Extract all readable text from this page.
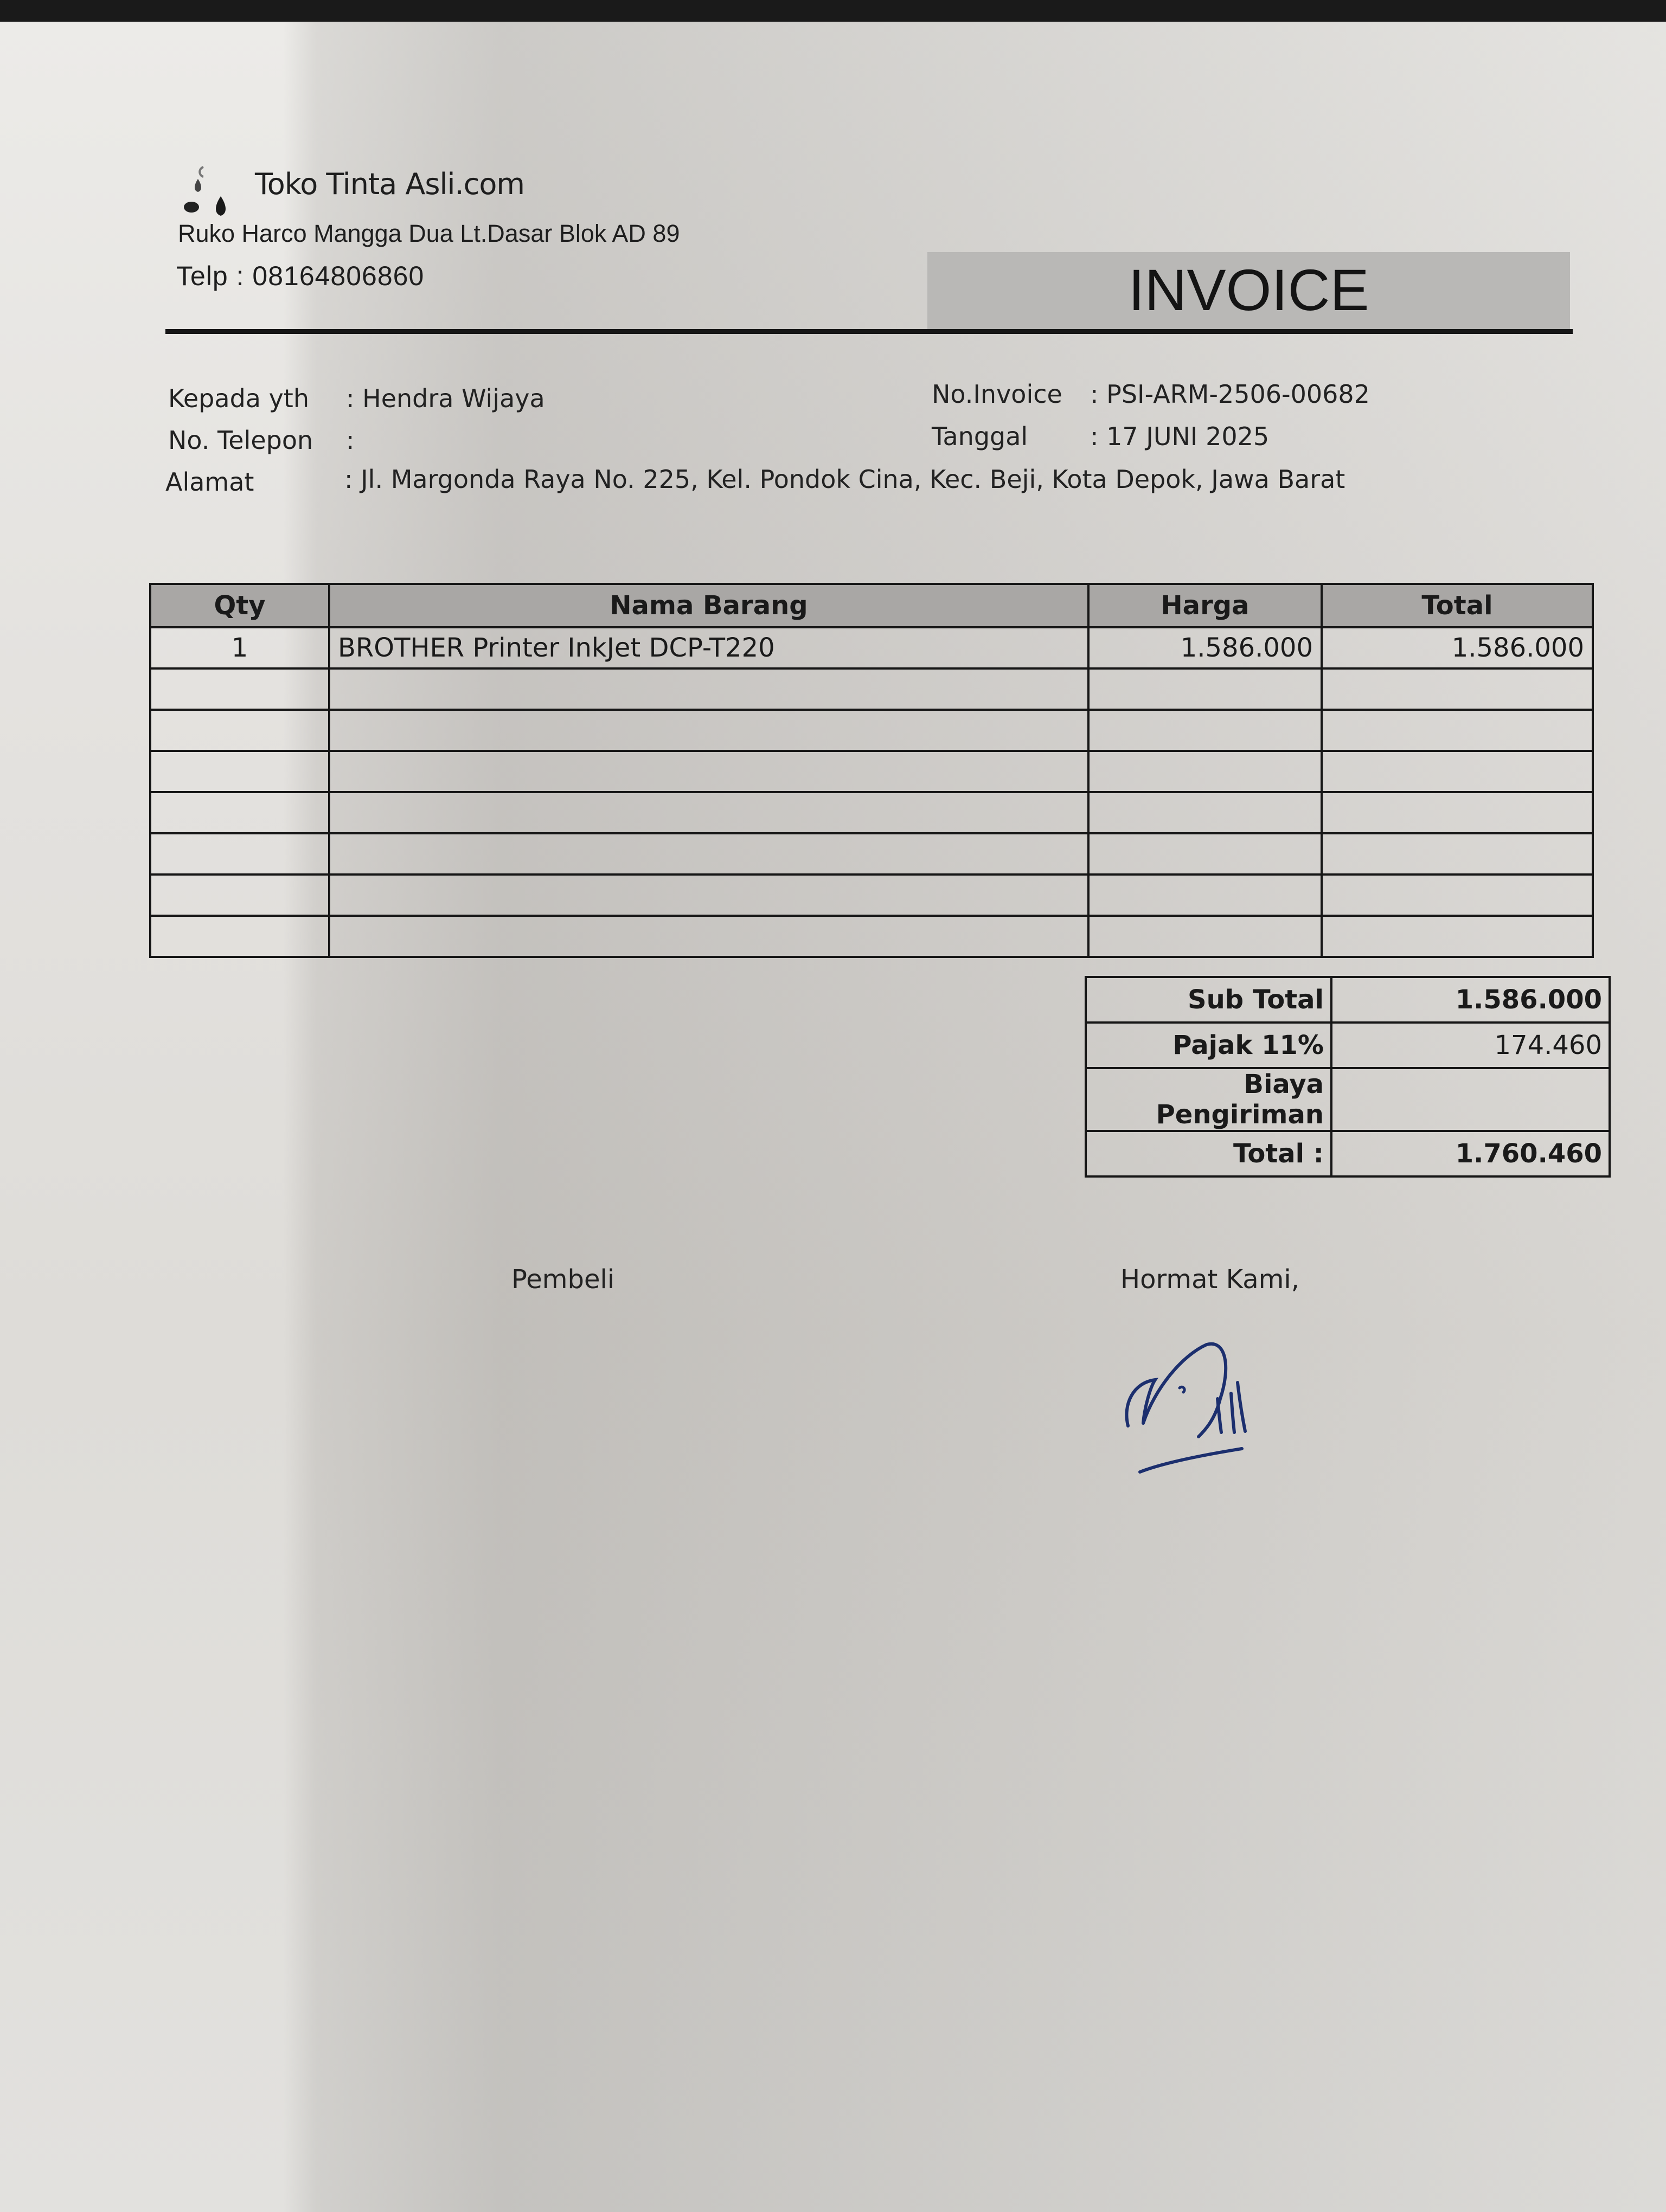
Toko Tinta Asli.com
Ruko Harco Mangga Dua Lt.Dasar Blok AD 89
Telp : 08164806860	INVOICE
Kepada yth : Hendra Wijaya
No. Telepon :
Alamat	: Jl. Margonda Raya No. 225, Kel. Pondok Cina, Kec. Beji, Kota Depok, Jawa Barat
No.Invoice : PSI-ARM-2506-00682
Tanggal : 17 JUNI 2025
Qty	Nama Barang	Harga	Total
1	BROTHER Printer InkJet DCP-T220	1.586.000	1.586.000

Sub Total	1.586.000
Pajak 11%	174.460
Biaya Pengiriman	
Total :	1.760.460
Pembeli	Hormat Kami,
